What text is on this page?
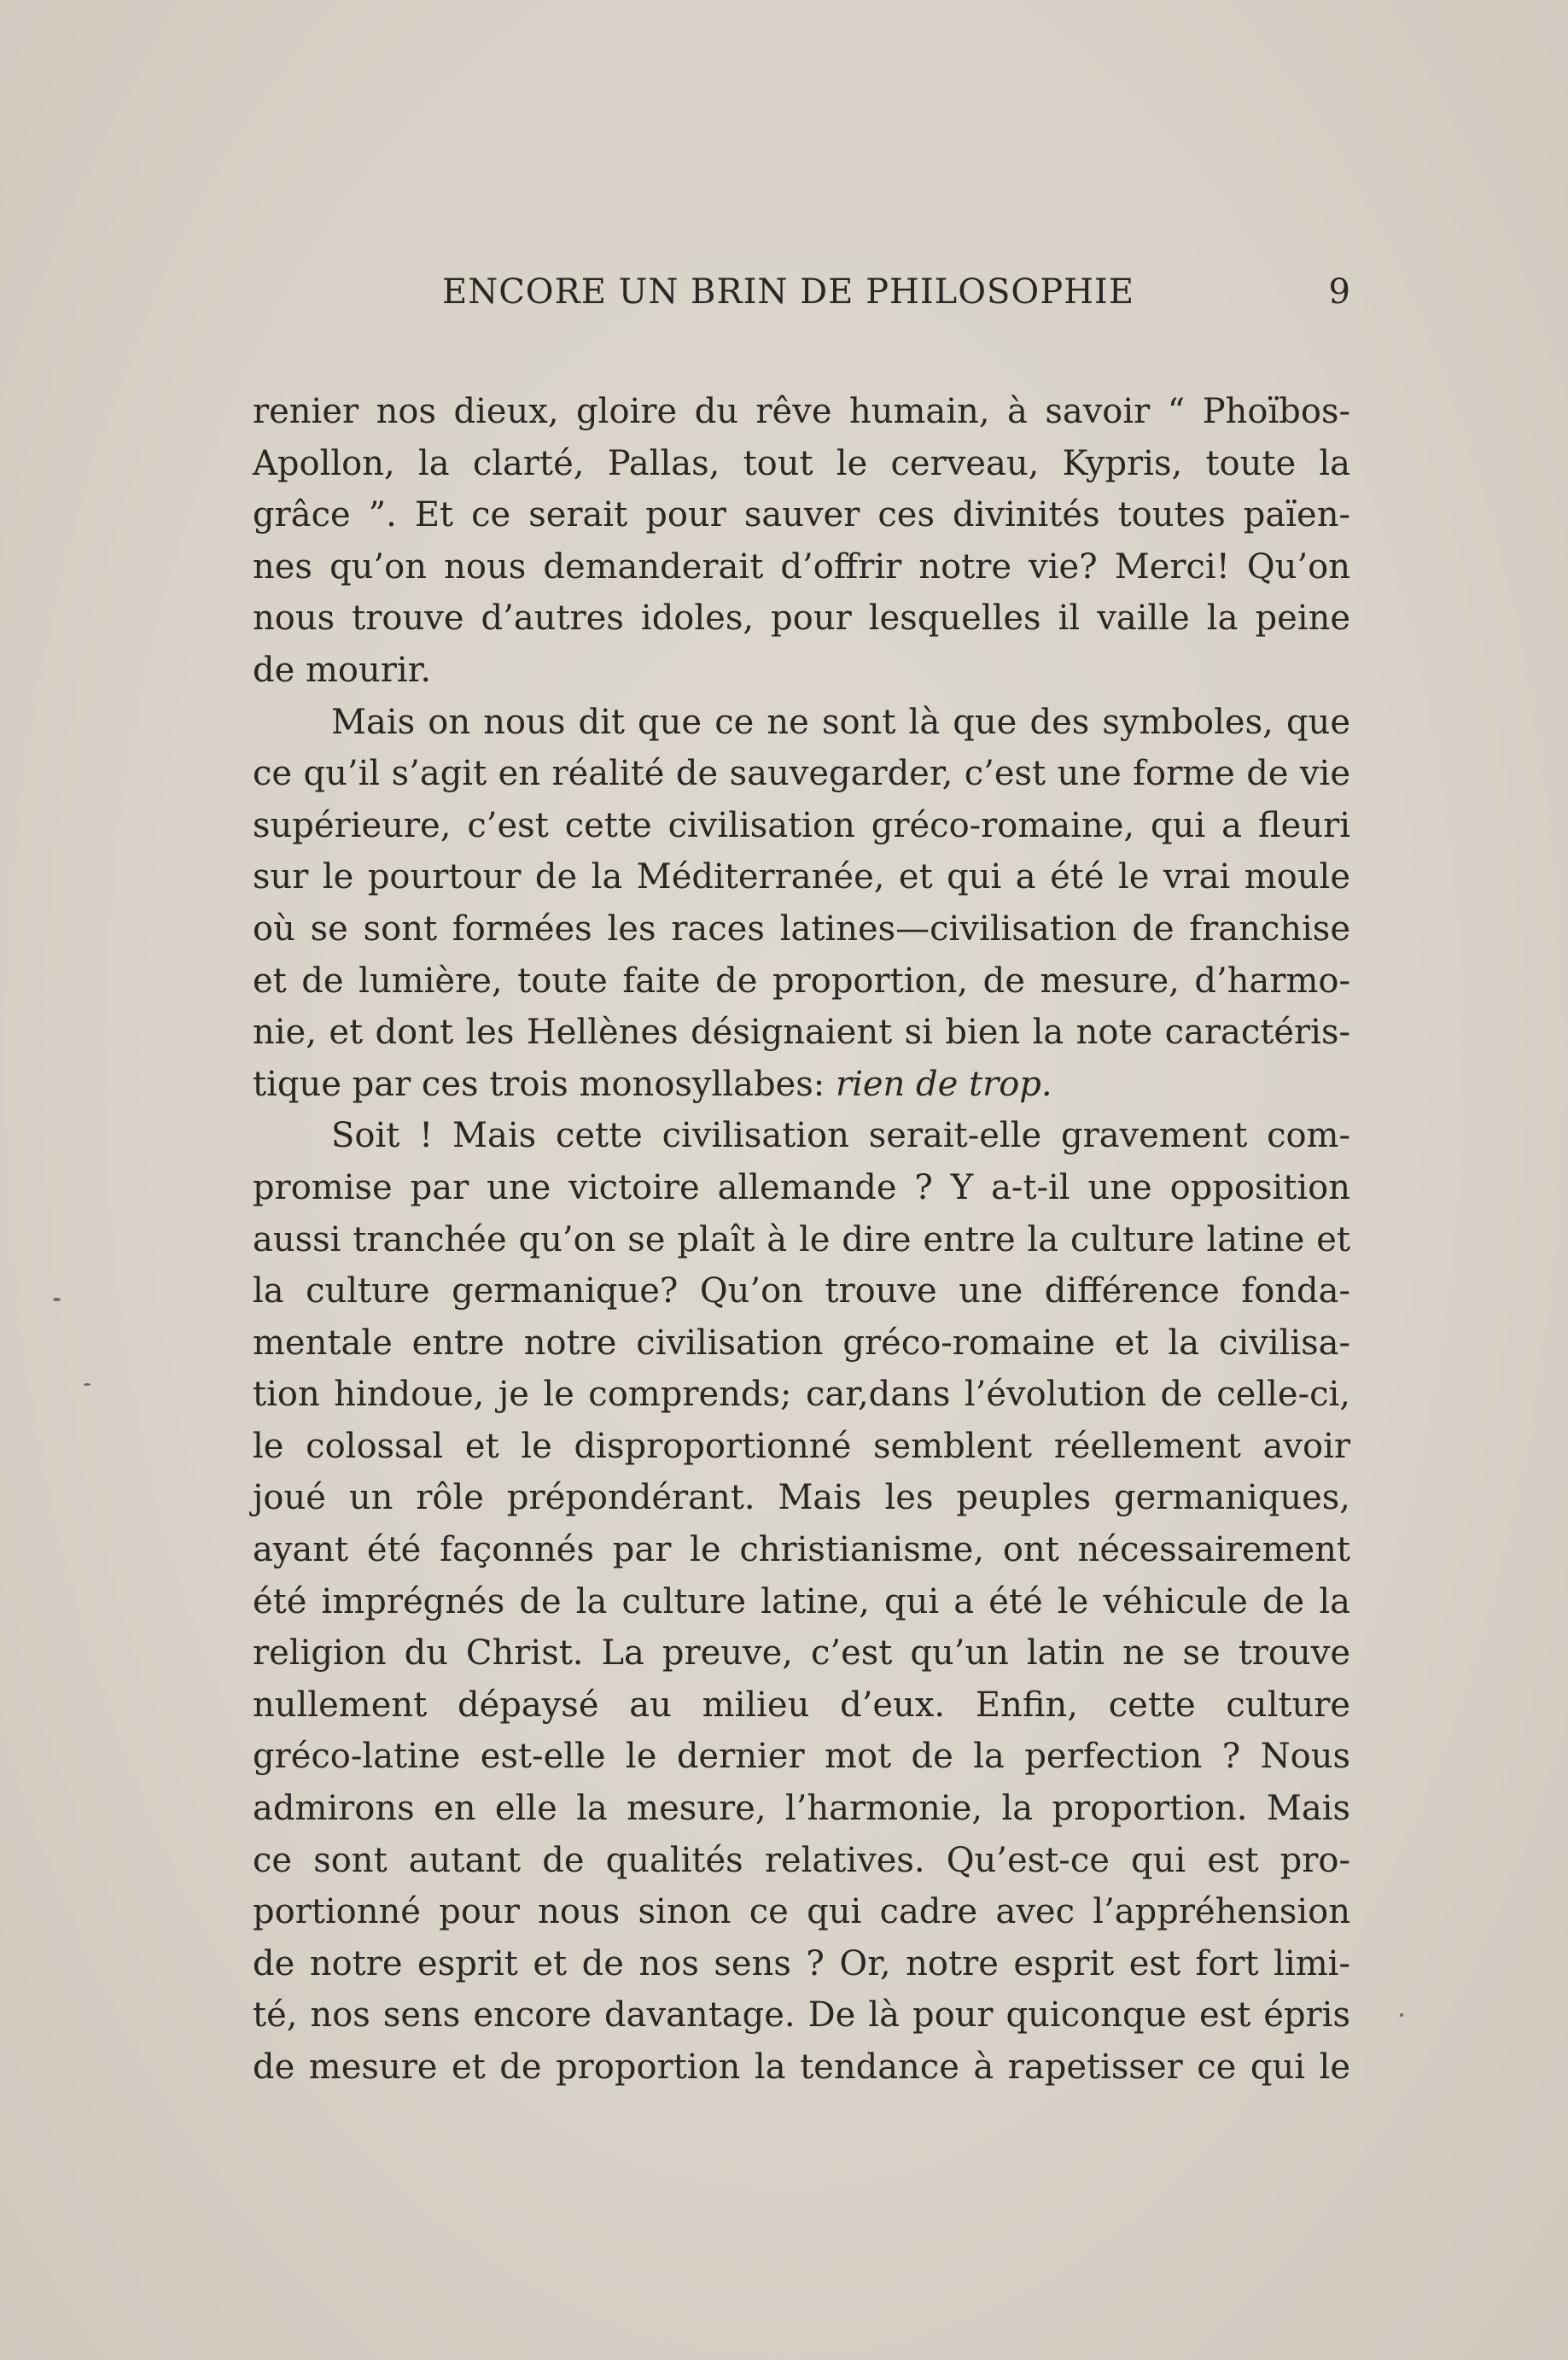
ENCORE UN BRIN DE PHILOSOPHIE	9

renier nos dieux, gloire du rêve humain, à savoir “ Phoïbos-
Apollon, la clarté, Pallas, tout le cerveau, Kypris, toute la
grâce ”. Et ce serait pour sauver ces divinités toutes païen-
nes qu’on nous demanderait d’offrir notre vie? Merci! Qu’on
nous trouve d’autres idoles, pour lesquelles il vaille la peine
de mourir.

Mais on nous dit que ce ne sont là que des symboles, que
ce qu’il s’agit en réalité de sauvegarder, c’est une forme de vie
supérieure, c’est cette civilisation gréco-romaine, qui a fleuri
sur le pourtour de la Méditerranée, et qui a été le vrai moule
où se sont formées les races latines—civilisation de franchise
et de lumière, toute faite de proportion, de mesure, d’harmo-
nie, et dont les Hellènes désignaient si bien la note caractéris-
tique par ces trois monosyllabes: rien de trop.

Soit ! Mais cette civilisation serait-elle gravement com-
promise par une victoire allemande ? Y a-t-il une opposition
aussi tranchée qu’on se plaît à le dire entre la culture latine et
la culture germanique? Qu’on trouve une différence fonda-
mentale entre notre civilisation gréco-romaine et la civilisa-
tion hindoue, je le comprends; car,dans l’évolution de celle-ci,
le colossal et le disproportionné semblent réellement avoir
joué un rôle prépondérant. Mais les peuples germaniques,
ayant été façonnés par le christianisme, ont nécessairement
été imprégnés de la culture latine, qui a été le véhicule de la
religion du Christ. La preuve, c’est qu’un latin ne se trouve
nullement dépaysé au milieu d’eux. Enfin, cette culture
gréco-latine est-elle le dernier mot de la perfection ? Nous
admirons en elle la mesure, l’harmonie, la proportion. Mais
ce sont autant de qualités relatives. Qu’est-ce qui est pro-
portionné pour nous sinon ce qui cadre avec l’appréhension
de notre esprit et de nos sens ? Or, notre esprit est fort limi-
té, nos sens encore davantage. De là pour quiconque est épris
de mesure et de proportion la tendance à rapetisser ce qui le
